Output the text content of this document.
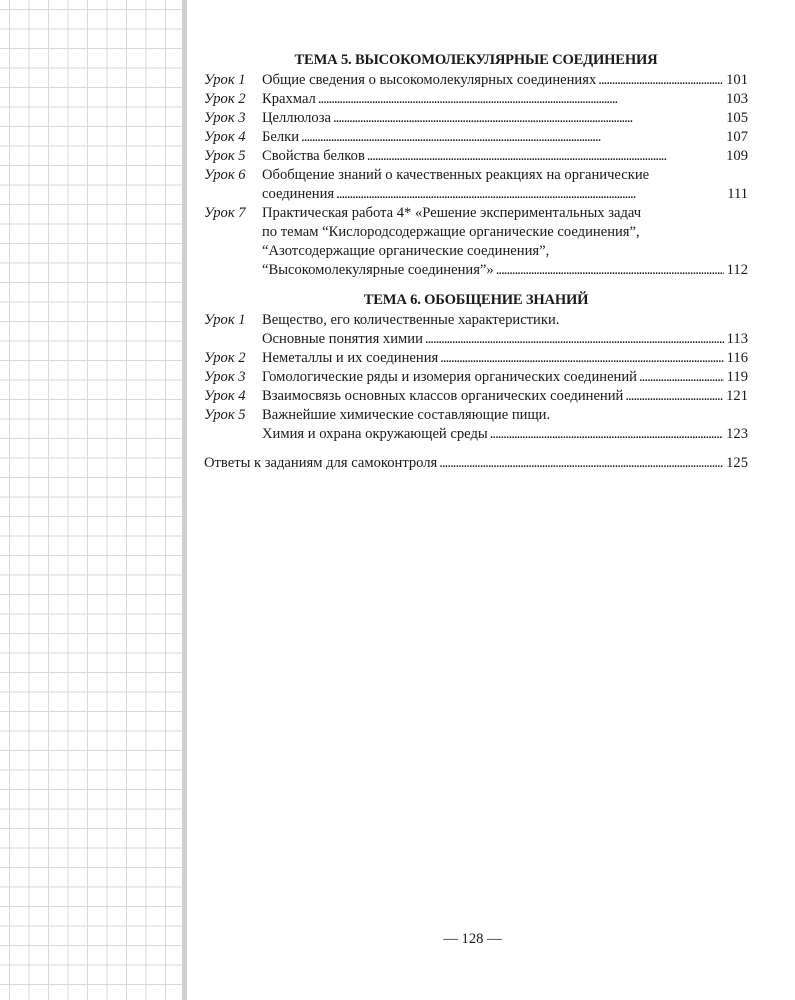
ТЕМА 5. ВЫСОКОМОЛЕКУЛЯРНЫЕ СОЕДИНЕНИЯ
Урок 1	Общие сведения о высокомолекулярных соединениях . . .	101
Урок 2	Крахмал . . .	103
Урок 3	Целлюлоза . . .	105
Урок 4	Белки . . .	107
Урок 5	Свойства белков . . .	109
Урок 6	Обобщение знаний о качественных реакциях на органические
соединения . . .	111
Урок 7	Практическая работа 4* «Решение экспериментальных задач
по темам “Кислородсодержащие органические соединения”,
“Азотсодержащие органические соединения”,
“Высокомолекулярные соединения”» . . .	112
ТЕМА 6. ОБОБЩЕНИЕ ЗНАНИЙ
Урок 1	Вещество, его количественные характеристики.
Основные понятия химии . . .	113
Урок 2	Неметаллы и их соединения . . .	116
Урок 3	Гомологические ряды и изомерия органических соединений . . .	119
Урок 4	Взаимосвязь основных классов органических соединений . . .	121
Урок 5	Важнейшие химические составляющие пищи.
Химия и охрана окружающей среды . . .	123
Ответы к заданиям для самоконтроля . . .	125
— 128 —
